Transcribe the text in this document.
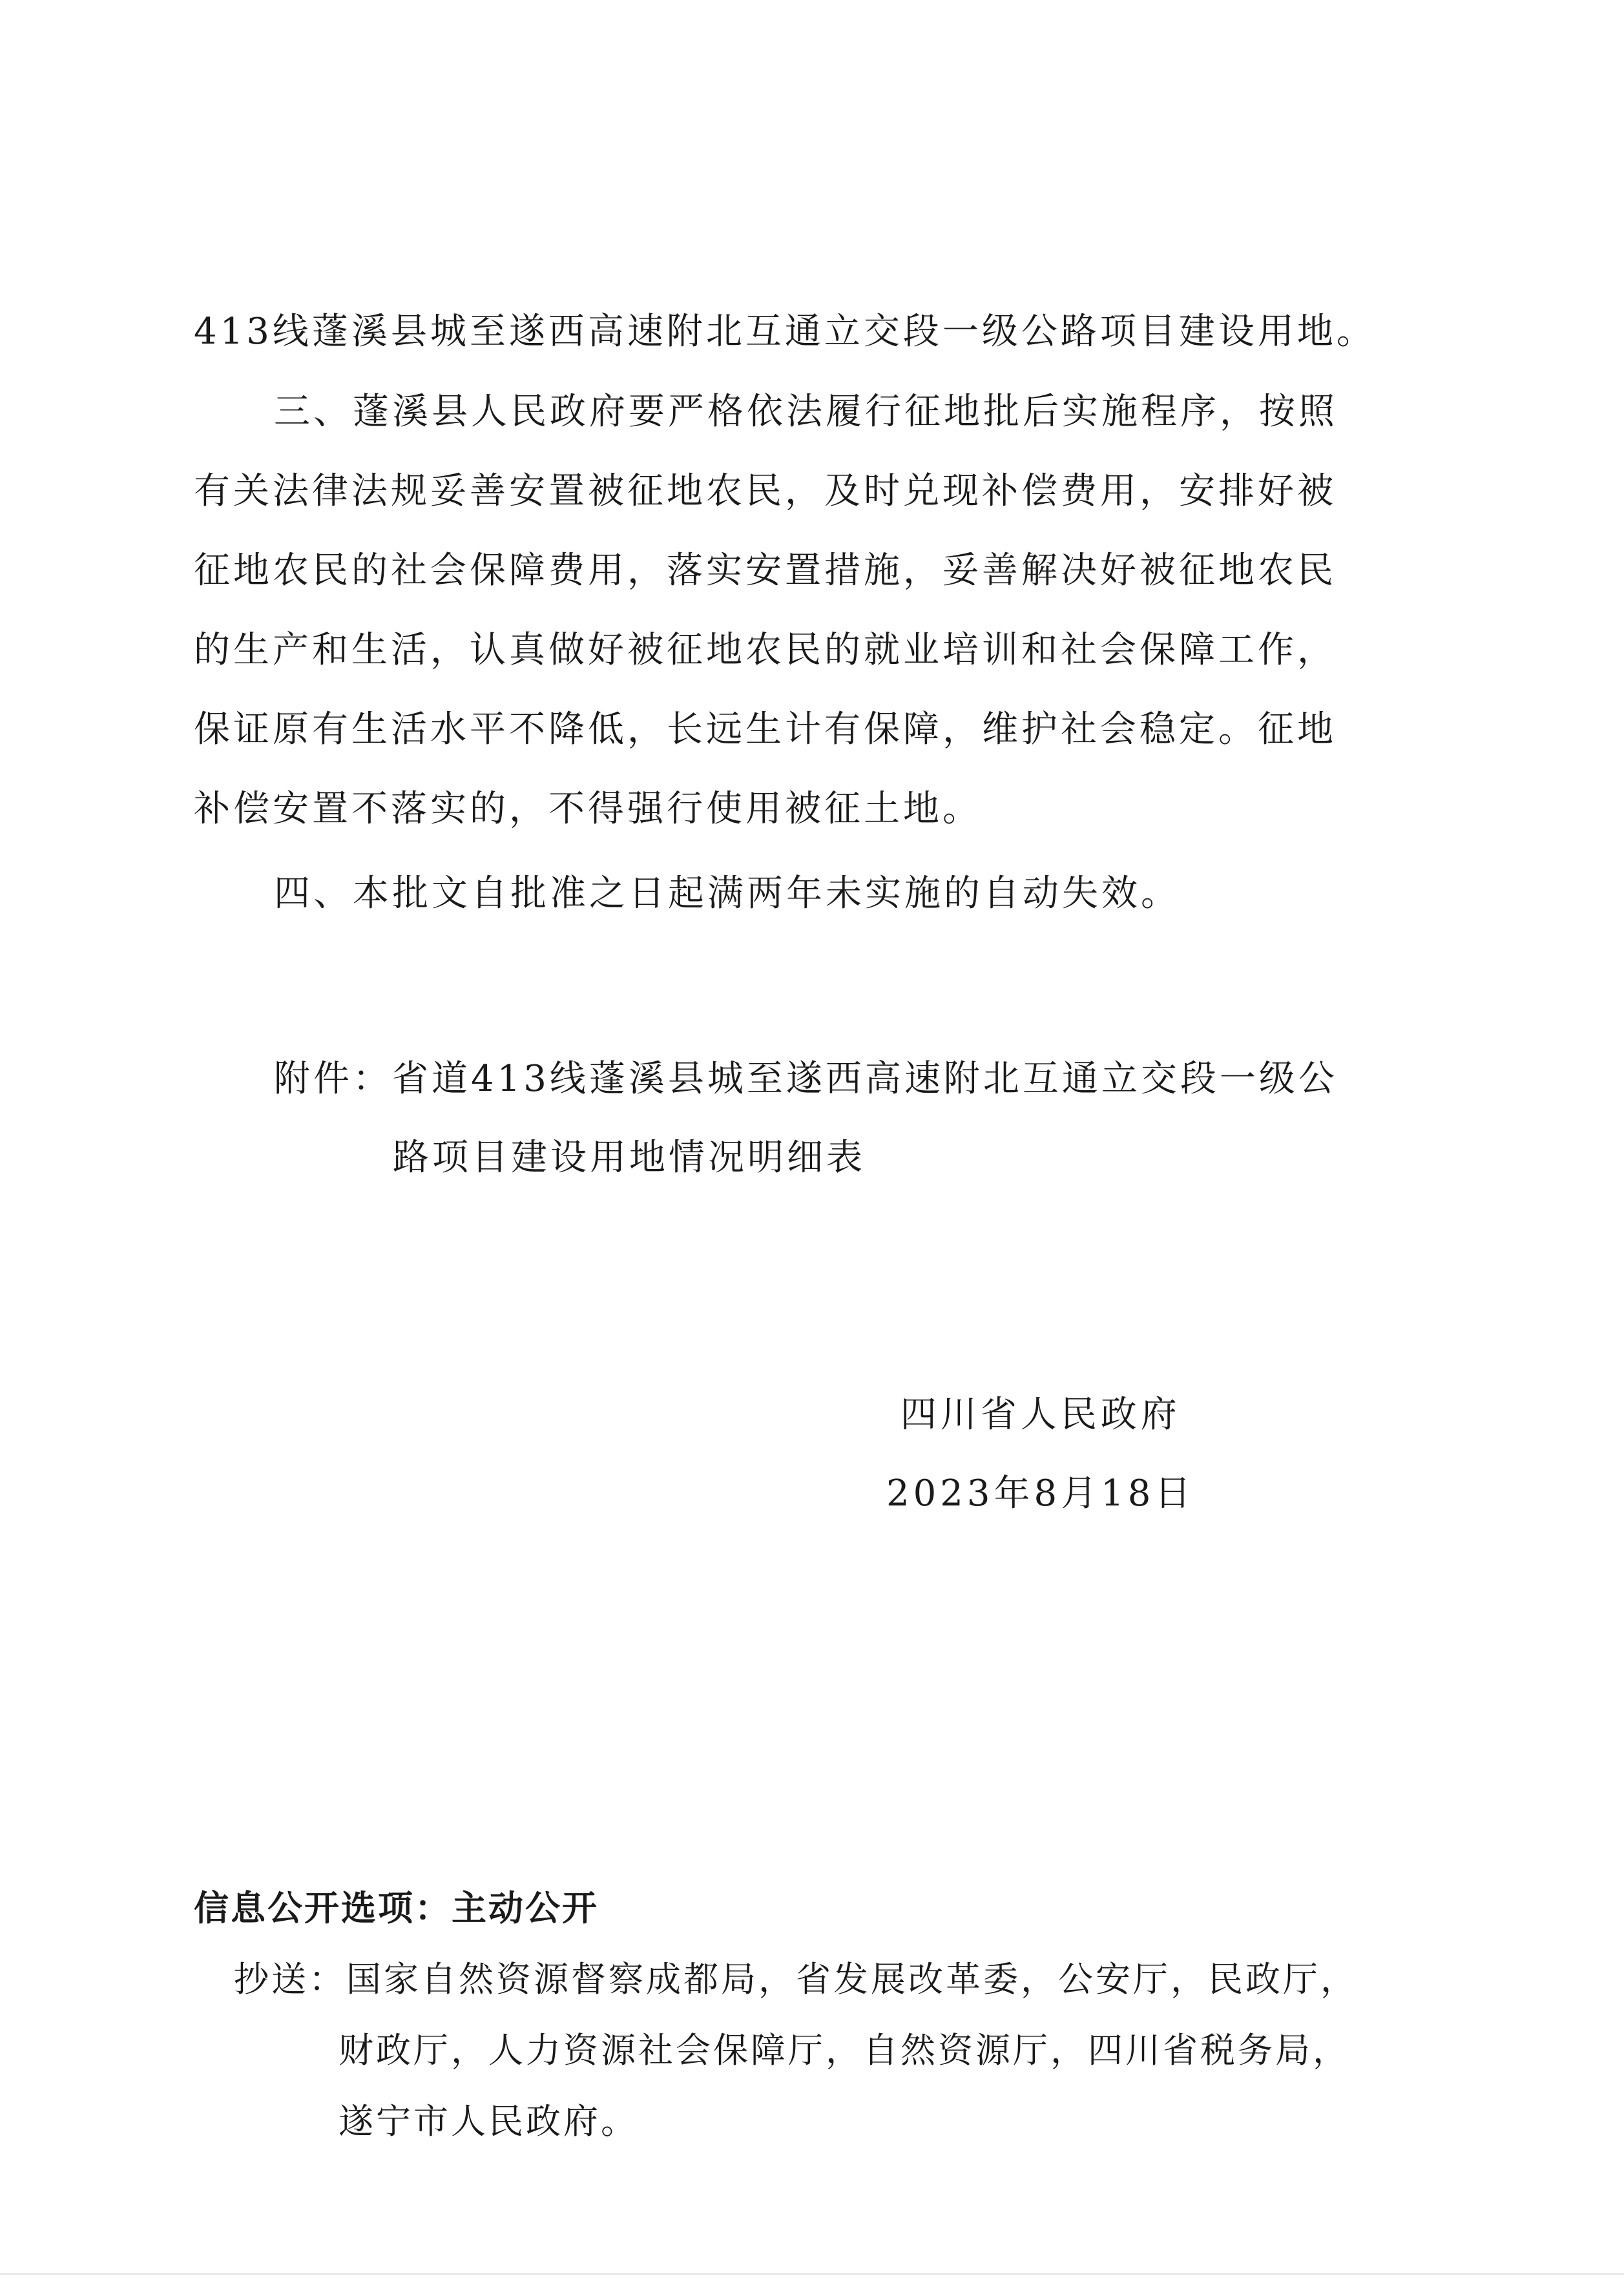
413线蓬溪县城至遂西高速附北互通立交段一级公路项目建设用地。
三、蓬溪县人民政府要严格依法履行征地批后实施程序，按照
有关法律法规妥善安置被征地农民，及时兑现补偿费用，安排好被
征地农民的社会保障费用，落实安置措施，妥善解决好被征地农民
的生产和生活，认真做好被征地农民的就业培训和社会保障工作，
保证原有生活水平不降低，长远生计有保障，维护社会稳定。征地
补偿安置不落实的，不得强行使用被征土地。
四、本批文自批准之日起满两年未实施的自动失效。
附件：省道413线蓬溪县城至遂西高速附北互通立交段一级公
路项目建设用地情况明细表
四川省人民政府
2023年8月18日
信息公开选项：主动公开
抄送：国家自然资源督察成都局，省发展改革委，公安厅，民政厅，
财政厅，人力资源社会保障厅，自然资源厅，四川省税务局，
遂宁市人民政府。
